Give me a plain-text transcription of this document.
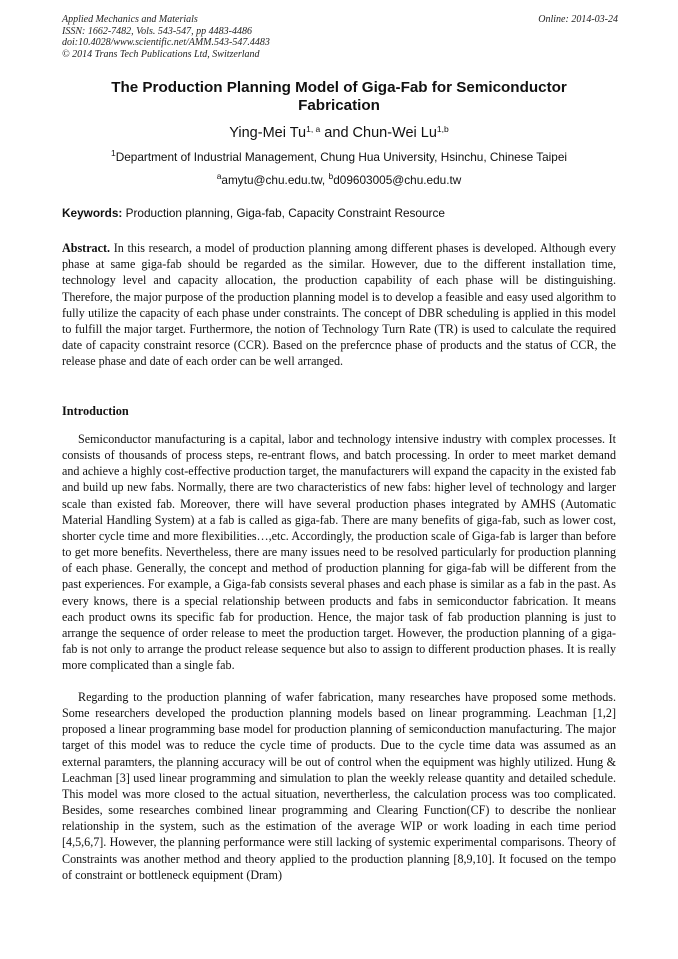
Applied Mechanics and Materials
ISSN: 1662-7482, Vols. 543-547, pp 4483-4486
doi:10.4028/www.scientific.net/AMM.543-547.4483
© 2014 Trans Tech Publications Ltd, Switzerland
Online: 2014-03-24
The Production Planning Model of Giga-Fab for Semiconductor
Fabrication
Ying-Mei Tu$^{1, a}$ and Chun-Wei Lu$^{1,b}$
$^1$Department of Industrial Management, Chung Hua University, Hsinchu, Chinese Taipei
$^a$amytu@chu.edu.tw, $^b$d09603005@chu.edu.tw
Keywords: Production planning, Giga-fab, Capacity Constraint Resource

Abstract. In this research, a model of production planning among different phases is developed. Although every phase at same giga-fab should be regarded as the similar. However, due to the different installation time, technology level and capacity allocation, the production capability of each phase will be distinguishing. Therefore, the major purpose of the production planning model is to develop a feasible and easy used algorithm to fully utilize the capacity of each phase under constraints. The concept of DBR scheduling is applied in this model to fulfill the major target. Furthermore, the notion of Technology Turn Rate (TR) is used to calculate the required date of capacity constraint resorce (CCR). Based on the prefercnce phase of products and the status of CCR, the release phase and date of each order can be well arranged.

Introduction

Semiconductor manufacturing is a capital, labor and technology intensive industry with complex processes. It consists of thousands of process steps, re-entrant flows, and batch processing. In order to meet market demand and achieve a highly cost-effective production target, the manufacturers will expand the capacity in the existed fab and build up new fabs. Normally, there are two characteristics of new fabs: higher level of technology and larger scale than existed fab. Moreover, there will have several production phases integrated by AMHS (Automatic Material Handling System) at a fab is called as giga-fab. There are many benefits of giga-fab, such as lower cost, shorter cycle time and more flexibilities…,etc. Accordingly, the production scale of Giga-fab is larger than before to get more benefits. Nevertheless, there are many issues need to be resolved particularly for production planning of each phase. Generally, the concept and method of production planning for giga-fab will be different from the past experiences. For example, a Giga-fab consists several phases and each phase is similar as a fab in the past. As every knows, there is a special relationship between products and fabs in semiconductor fabrication. It means each product owns its specific fab for production. Hence, the major task of fab production planning is just to arrange the sequence of order release to meet the production target. However, the production planning of a giga-fab is not only to arrange the product release sequence but also to assign to different production phases. It is really more complicated than a single fab.

Regarding to the production planning of wafer fabrication, many researches have proposed some methods. Some researchers developed the production planning models based on linear programming. Leachman [1,2] proposed a linear programming base model for production planning of semiconduction manufacturing. The major target of this model was to reduce the cycle time of products. Due to the cycle time data was assumed as an external paramters, the planning accuracy will be out of control when the equipment was highly utilized. Hung & Leachman [3] used linear programming and simulation to plan the weekly release quantity and detailed schedule. This model was more closed to the actual situation, nevertherless, the calculation process was too complicated. Besides, some researches combined linear programming and Clearing Function(CF) to describe the nonliear relationship in the system, such as the estimation of the average WIP or work loading in each time period [4,5,6,7]. However, the planning performance were still lacking of systemic experimental comparisons. Theory of Constraints was another method and theory applied to the production planning [8,9,10]. It focused on the tempo of constraint or bottleneck equipment (Dram)
